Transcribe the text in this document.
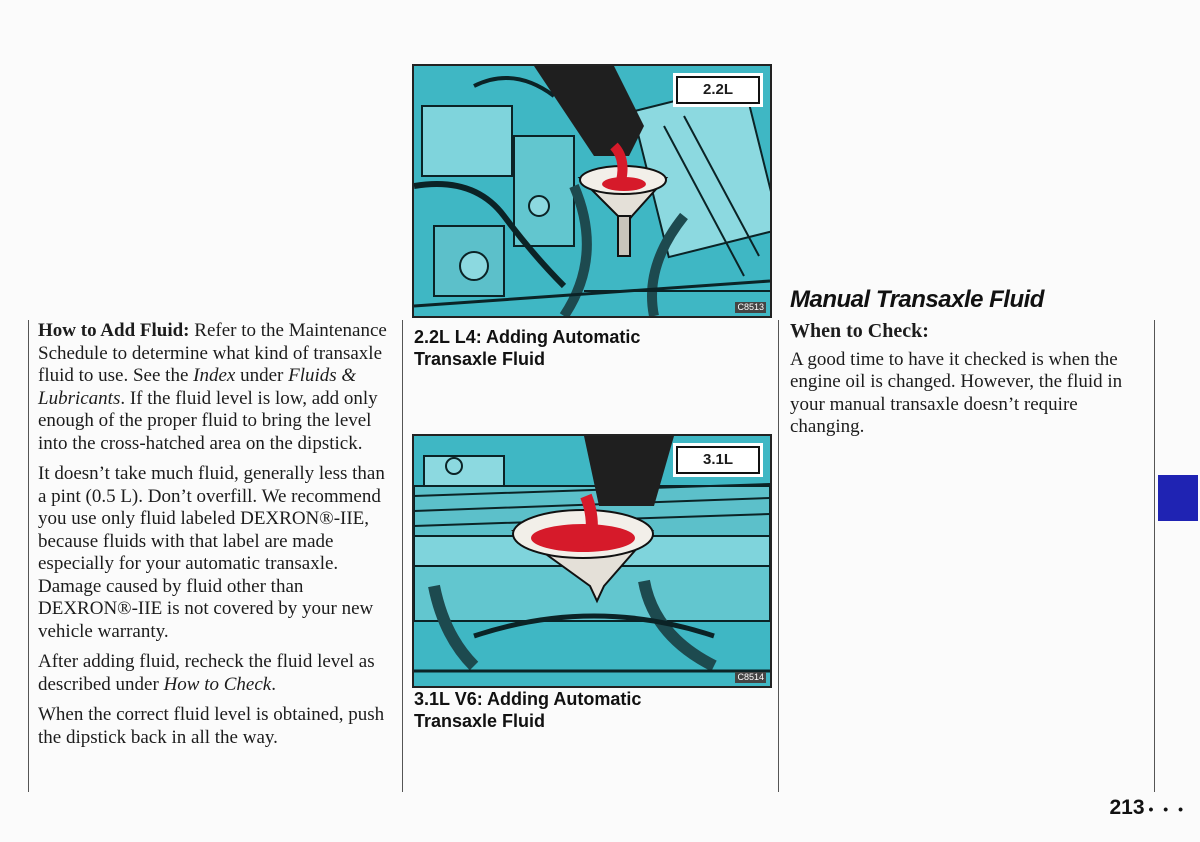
How to Add Fluid: Refer to the Maintenance Schedule to determine what kind of transaxle fluid to use. See the Index under Fluids & Lubricants. If the fluid level is low, add only enough of the proper fluid to bring the level into the cross-hatched area on the dipstick.

It doesn’t take much fluid, generally less than a pint (0.5 L). Don’t overfill. We recommend you use only fluid labeled DEXRON®-IIE, because fluids with that label are made especially for your automatic transaxle. Damage caused by fluid other than DEXRON®-IIE is not covered by your new vehicle warranty.

After adding fluid, recheck the fluid level as described under How to Check.

When the correct fluid level is obtained, push the dipstick back in all the way.

2.2L
C8513
2.2L L4: Adding Automatic Transaxle Fluid
3.1L
C8514
3.1L V6: Adding Automatic Transaxle Fluid
Manual Transaxle Fluid

When to Check:

A good time to have it checked is when the engine oil is changed. However, the fluid in your manual transaxle doesn’t require changing.

213 • • •
